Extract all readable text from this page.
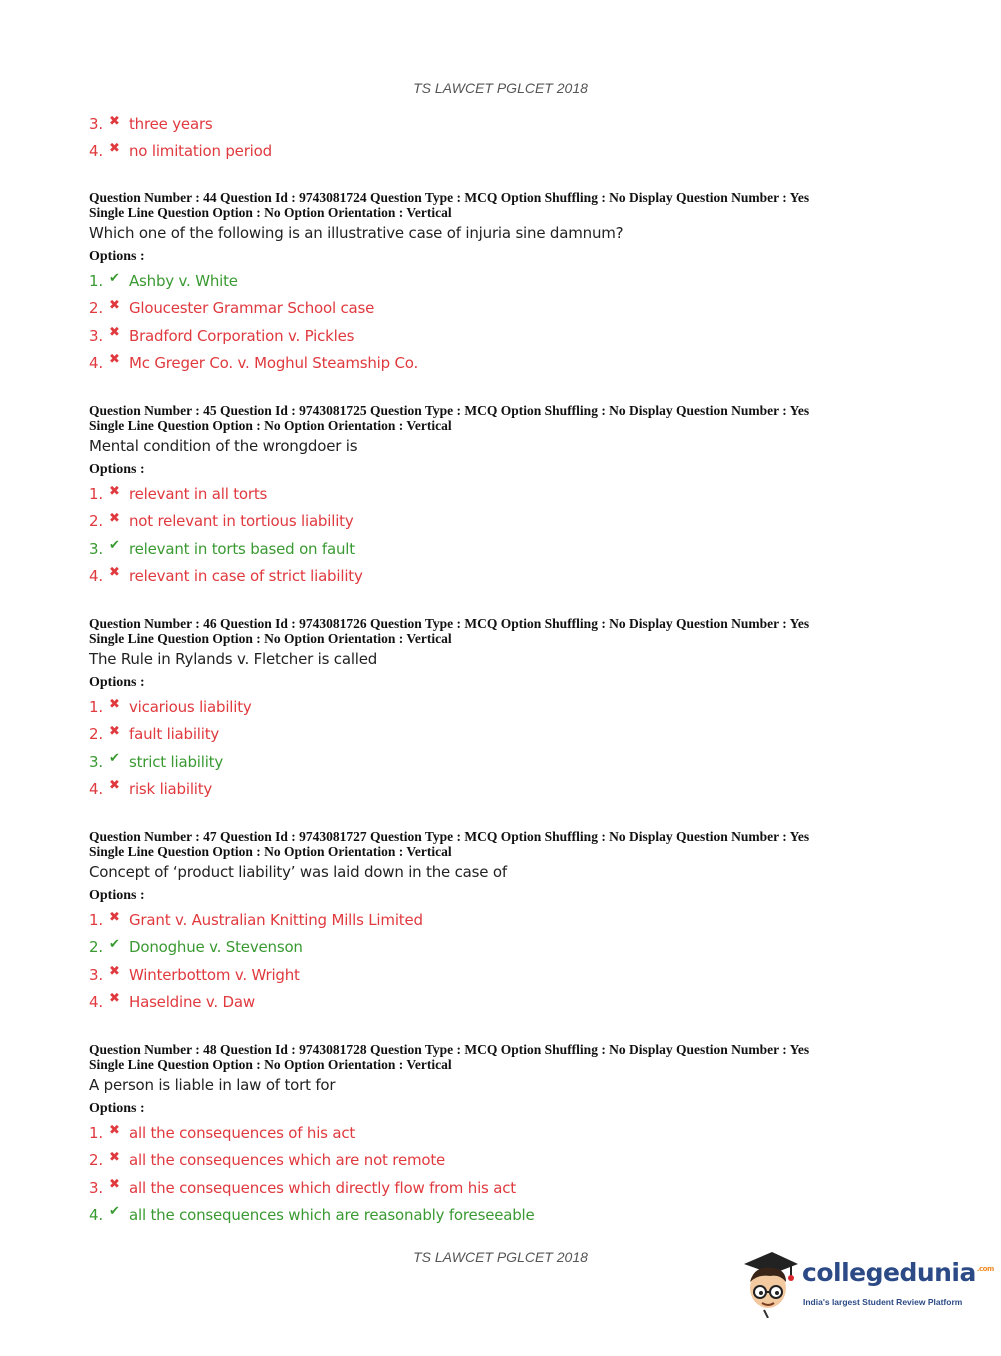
TS LAWCET PGLCET 2018
3. ✖ three years
4. ✖ no limitation period
Question Number : 44 Question Id : 9743081724 Question Type : MCQ Option Shuffling : No Display Question Number : Yes
Single Line Question Option : No Option Orientation : Vertical
Which one of the following is an illustrative case of injuria sine damnum?
Options :
1. ✔ Ashby v. White
2. ✖ Gloucester Grammar School case
3. ✖ Bradford Corporation v. Pickles
4. ✖ Mc Greger Co. v. Moghul Steamship Co.
Question Number : 45 Question Id : 9743081725 Question Type : MCQ Option Shuffling : No Display Question Number : Yes
Single Line Question Option : No Option Orientation : Vertical
Mental condition of the wrongdoer is
Options :
1. ✖ relevant in all torts
2. ✖ not relevant in tortious liability
3. ✔ relevant in torts based on fault
4. ✖ relevant in case of strict liability
Question Number : 46 Question Id : 9743081726 Question Type : MCQ Option Shuffling : No Display Question Number : Yes
Single Line Question Option : No Option Orientation : Vertical
The Rule in Rylands v. Fletcher is called
Options :
1. ✖ vicarious liability
2. ✖ fault liability
3. ✔ strict liability
4. ✖ risk liability
Question Number : 47 Question Id : 9743081727 Question Type : MCQ Option Shuffling : No Display Question Number : Yes
Single Line Question Option : No Option Orientation : Vertical
Concept of ‘product liability’ was laid down in the case of
Options :
1. ✖ Grant v. Australian Knitting Mills Limited
2. ✔ Donoghue v. Stevenson
3. ✖ Winterbottom v. Wright
4. ✖ Haseldine v. Daw
Question Number : 48 Question Id : 9743081728 Question Type : MCQ Option Shuffling : No Display Question Number : Yes
Single Line Question Option : No Option Orientation : Vertical
A person is liable in law of tort for
Options :
1. ✖ all the consequences of his act
2. ✖ all the consequences which are not remote
3. ✖ all the consequences which directly flow from his act
4. ✔ all the consequences which are reasonably foreseeable
TS LAWCET PGLCET 2018
collegedunia$^{.com}$
India's largest Student Review Platform
